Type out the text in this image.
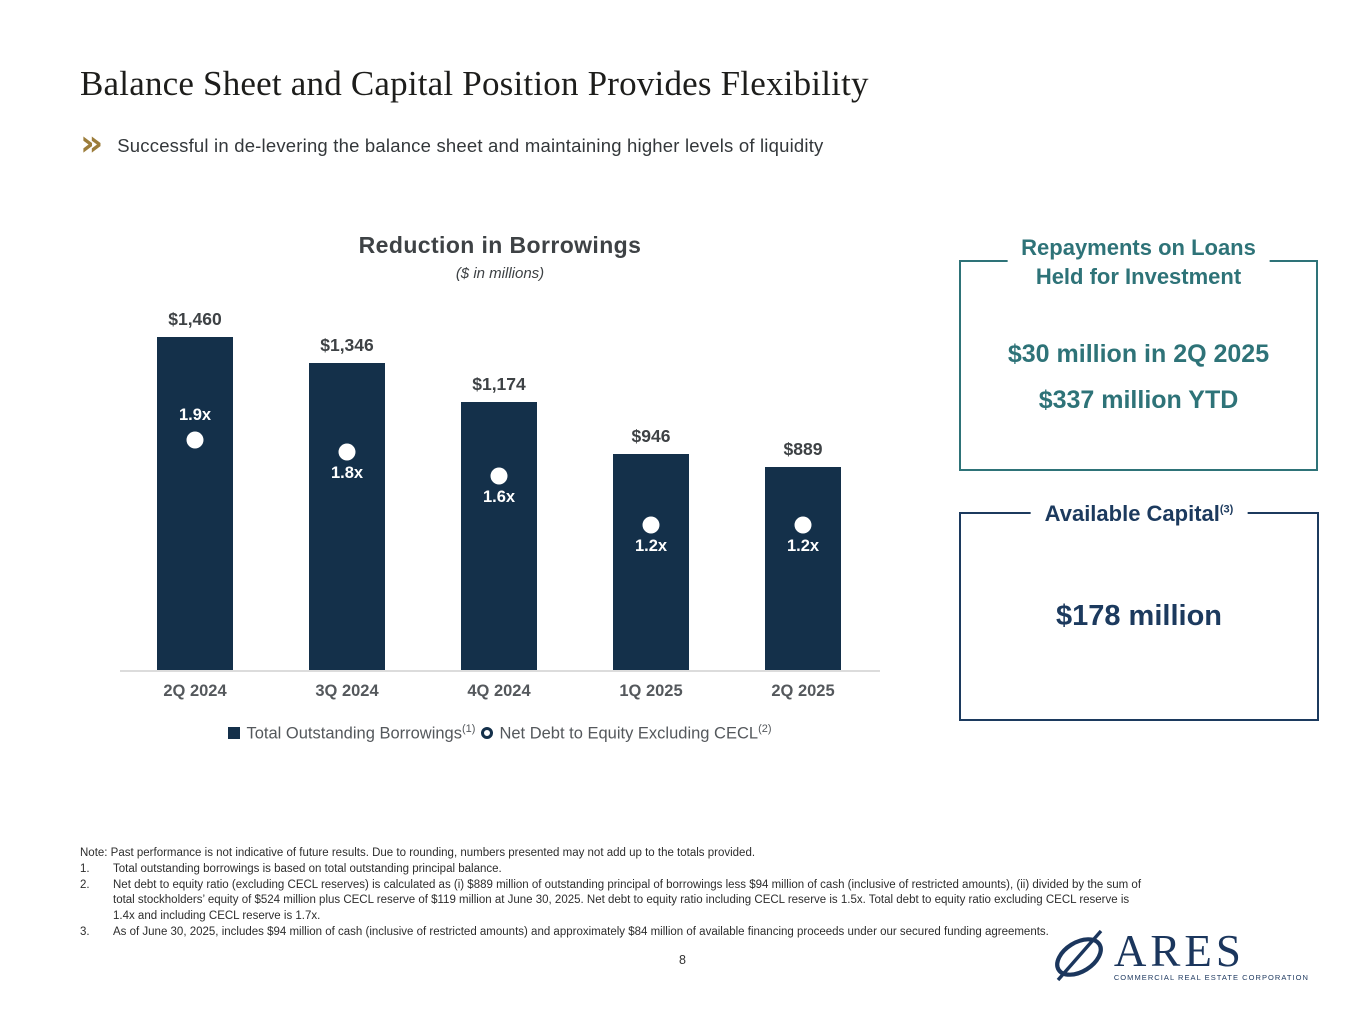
Balance Sheet and Capital Position Provides Flexibility
» Successful in de-levering the balance sheet and maintaining higher levels of liquidity
Reduction in Borrowings
($ in millions)
Total Outstanding Borrowings$^{(1)}$ Net Debt to Equity Excluding CECL$^{(2)}$
$1,460
1.9x
2Q 2024
$1,346
1.8x
3Q 2024
$1,174
1.6x
4Q 2024
$946
1.2x
1Q 2025
$889
1.2x
2Q 2025
Repayments on Loans
Held for Investment
$30 million in 2Q 2025
$337 million YTD
Available Capital$^{(3)}$
$178 million
Note: Past performance is not indicative of future results. Due to rounding, numbers presented may not add up to the totals provided.
1.	Total outstanding borrowings is based on total outstanding principal balance.
2.	Net debt to equity ratio (excluding CECL reserves) is calculated as (i) $889 million of outstanding principal of borrowings less $94 million of cash (inclusive of restricted amounts), (ii) divided by the sum of total stockholders’ equity of $524 million plus CECL reserve of $119 million at June 30, 2025. Net debt to equity ratio including CECL reserve is 1.5x. Total debt to equity ratio excluding CECL reserve is 1.4x and including CECL reserve is 1.7x.
3.	As of June 30, 2025, includes $94 million of cash (inclusive of restricted amounts) and approximately $84 million of available financing proceeds under our secured funding agreements.
8	ARES
COMMERCIAL REAL ESTATE CORPORATION
